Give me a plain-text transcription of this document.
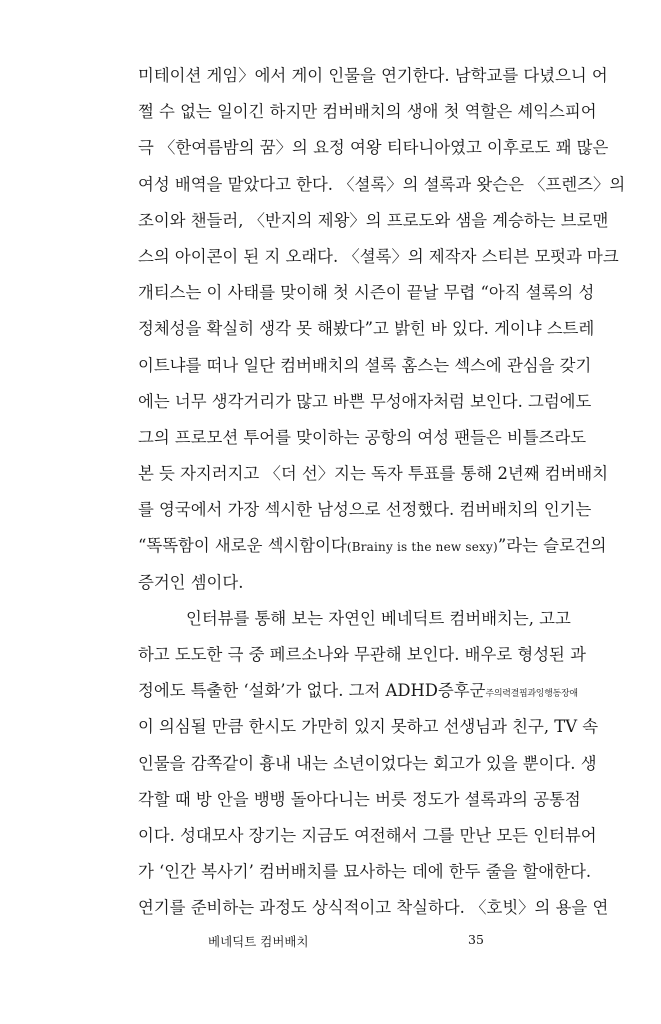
미테이션 게임〉에서 게이 인물을 연기한다. 남학교를 다녔으니 어
쩔 수 없는 일이긴 하지만 컴버배치의 생애 첫 역할은 셰익스피어
극 〈한여름밤의 꿈〉의 요정 여왕 티타니아였고 이후로도 꽤 많은
여성 배역을 맡았다고 한다. 〈셜록〉의 셜록과 왓슨은 〈프렌즈〉의
조이와 챈들러, 〈반지의 제왕〉의 프로도와 샘을 계승하는 브로맨
스의 아이콘이 된 지 오래다. 〈셜록〉의 제작자 스티븐 모펏과 마크
개티스는 이 사태를 맞이해 첫 시즌이 끝날 무렵 “아직 셜록의 성
정체성을 확실히 생각 못 해봤다”고 밝힌 바 있다. 게이냐 스트레
이트냐를 떠나 일단 컴버배치의 셜록 홈스는 섹스에 관심을 갖기
에는 너무 생각거리가 많고 바쁜 무성애자처럼 보인다. 그럼에도
그의 프로모션 투어를 맞이하는 공항의 여성 팬들은 비틀즈라도
본 듯 자지러지고 〈더 선〉지는 독자 투표를 통해 2년째 컴버배치
를 영국에서 가장 섹시한 남성으로 선정했다. 컴버배치의 인기는
“똑똑함이 새로운 섹시함이다(Brainy is the new sexy)”라는 슬로건의
증거인 셈이다.
인터뷰를 통해 보는 자연인 베네딕트 컴버배치는, 고고
하고 도도한 극 중 페르소나와 무관해 보인다. 배우로 형성된 과
정에도 특출한 ‘설화’가 없다. 그저 ADHD증후군주의력결핍과잉행동장애
이 의심될 만큼 한시도 가만히 있지 못하고 선생님과 친구, TV 속
인물을 감쪽같이 흉내 내는 소년이었다는 회고가 있을 뿐이다. 생
각할 때 방 안을 뱅뱅 돌아다니는 버릇 정도가 셜록과의 공통점
이다. 성대모사 장기는 지금도 여전해서 그를 만난 모든 인터뷰어
가 ‘인간 복사기’ 컴버배치를 묘사하는 데에 한두 줄을 할애한다.
연기를 준비하는 과정도 상식적이고 착실하다. 〈호빗〉의 용을 연
베네딕트 컴버배치	35
